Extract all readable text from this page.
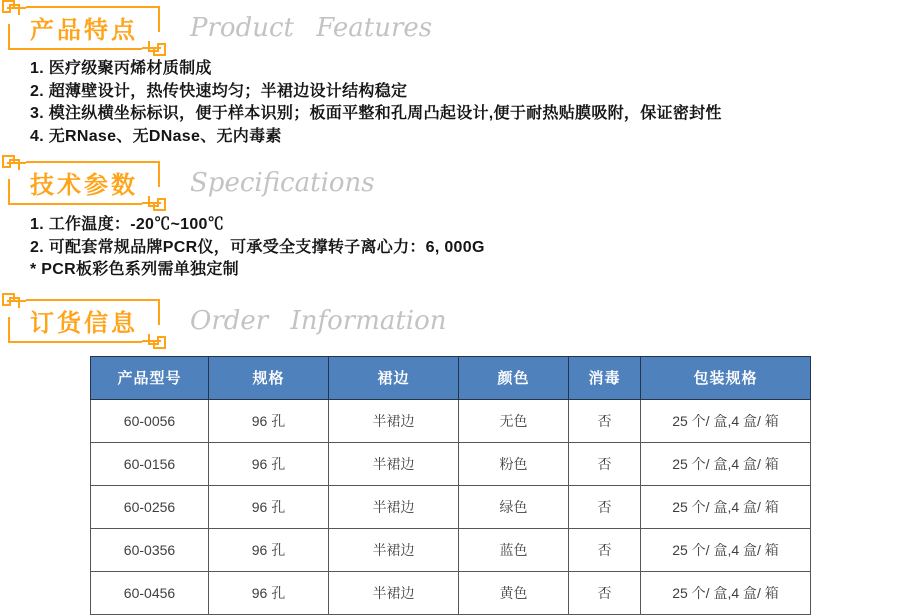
产品特点	Product Features
1. 医疗级聚丙烯材质制成
2. 超薄壁设计，热传快速均匀；半裙边设计结构稳定
3. 模注纵横坐标标识，便于样本识别；板面平整和孔周凸起设计,便于耐热贴膜吸附，保证密封性
4. 无RNase、无DNase、无内毒素
技术参数	Specifications
1. 工作温度：-20℃~100℃
2. 可配套常规品牌PCR仪，可承受全支撑转子离心力：6, 000G
* PCR板彩色系列需单独定制
订货信息	Order Information
产品型号	规格	裙边	颜色	消毒	包装规格
60-0056	96 孔	半裙边	无色	否	25 个/ 盒,4 盒/ 箱
60-0156	96 孔	半裙边	粉色	否	25 个/ 盒,4 盒/ 箱
60-0256	96 孔	半裙边	绿色	否	25 个/ 盒,4 盒/ 箱
60-0356	96 孔	半裙边	蓝色	否	25 个/ 盒,4 盒/ 箱
60-0456	96 孔	半裙边	黄色	否	25 个/ 盒,4 盒/ 箱
